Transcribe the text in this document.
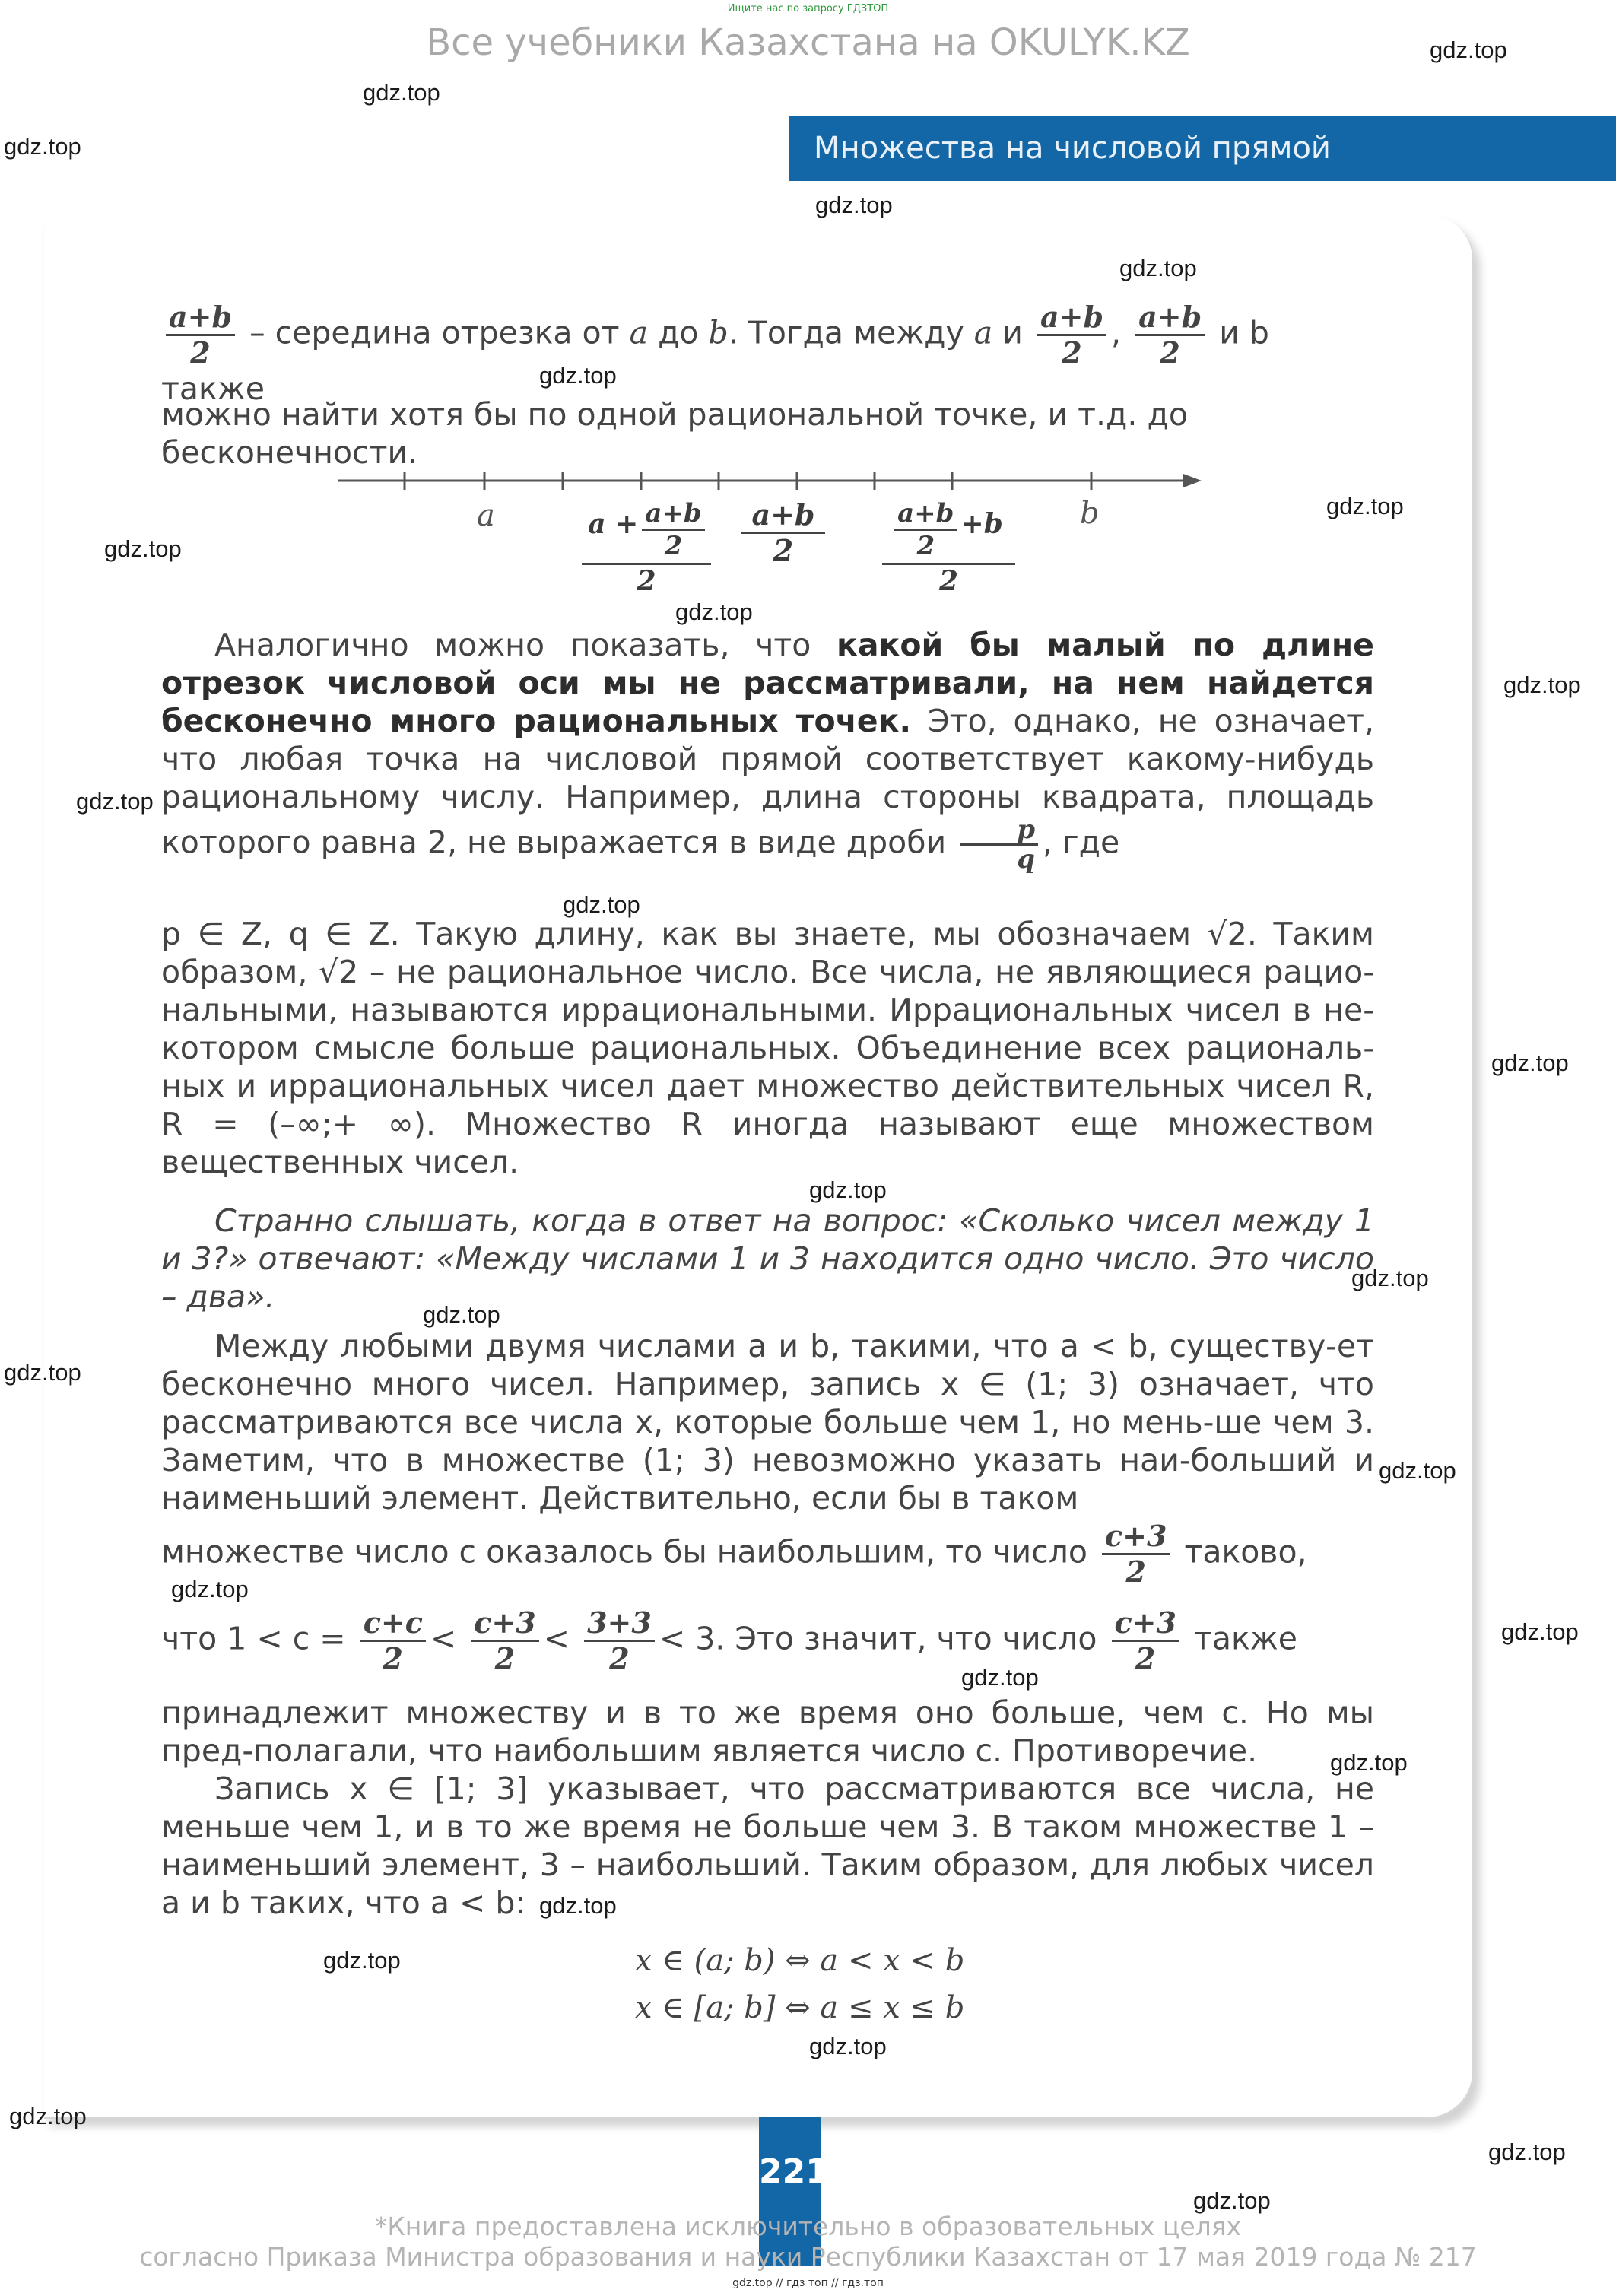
Ищите нас по запросу ГДЗТОП
Все учебники Казахстана на OKULYK.KZ
Множества на числовой прямой
$\frac{a+b}{2}$ – середина отрезка от a до b. Тогда между a и $\frac{a+b}{2}$ , $\frac{a+b}{2}$ и b также
можно найти хотя бы по одной рациональной точке, и т.д. до бесконечности.
a	b
$a + \frac{a+b}{2}$
2
$\frac{a+b}{2}$	$\frac{a+b}{2} +b$
2
Аналогично можно показать, что какой бы малый по длине отрезок числовой оси мы не рассматривали, на нем найдется бесконечно много рациональных точек. Это, однако, не означает, что любая точка на числовой прямой соответствует какому-нибудь рациональному числу. Например, длина стороны квадрата, площадь которого равна 2, не выражается в виде дроби $\frac{p}{q}$ , где
p ∈ Z, q ∈ Z. Такую длину, как вы знаете, мы обозначаем √2. Таким образом, √2 – не рациональное число. Все числа, не являющиеся рацио-нальными, называются иррациональными. Иррациональных чисел в не-котором смысле больше рациональных. Объединение всех рациональ-ных и иррациональных чисел дает множество действительных чисел R, R = (–∞;+ ∞). Множество R иногда называют еще множеством вещественных чисел.
Странно слышать, когда в ответ на вопрос: «Сколько чисел между 1 и 3?» отвечают: «Между числами 1 и 3 находится одно число. Это число – два».
Между любыми двумя числами a и b, такими, что a < b, существу-ет бесконечно много чисел. Например, запись x ∈ (1; 3) означает, что рассматриваются все числа x, которые больше чем 1, но мень-ше чем 3. Заметим, что в множестве (1; 3) невозможно указать наи-больший и наименьший элемент. Действительно, если бы в таком
множестве число c оказалось бы наибольшим, то число $\frac{c+3}{2}$ таково,
что $1 < c = \frac{c+c}{2} < \frac{c+3}{2} < \frac{3+3}{2} < 3$. Это значит, что число $\frac{c+3}{2}$ также
принадлежит множеству и в то же время оно больше, чем c. Но мы пред-полагали, что наибольшим является число c. Противоречие.
Запись x ∈ [1; 3] указывает, что рассматриваются все числа, не меньше чем 1, и в то же время не больше чем 3. В таком множестве 1 – наименьший элемент, 3 – наибольший. Таким образом, для любых чисел a и b таких, что a < b:
x ∈ (a; b) ⇔ a < x < b
x ∈ [a; b] ⇔ a ≤ x ≤ b
221
*Книга предоставлена исключительно в образовательных целях
согласно Приказа Министра образования и науки Республики Казахстан от 17 мая 2019 года № 217
gdz.top // гдз топ // гдз.топ
gdz.top
gdz.top
gdz.top
gdz.top
gdz.top
gdz.top
gdz.top
gdz.top
gdz.top
gdz.top
gdz.top
gdz.top
gdz.top
gdz.top
gdz.top
gdz.top
gdz.top
gdz.top
gdz.top
gdz.top
gdz.top
gdz.top
gdz.top
gdz.top
gdz.top
gdz.top
gdz.top
gdz.top
